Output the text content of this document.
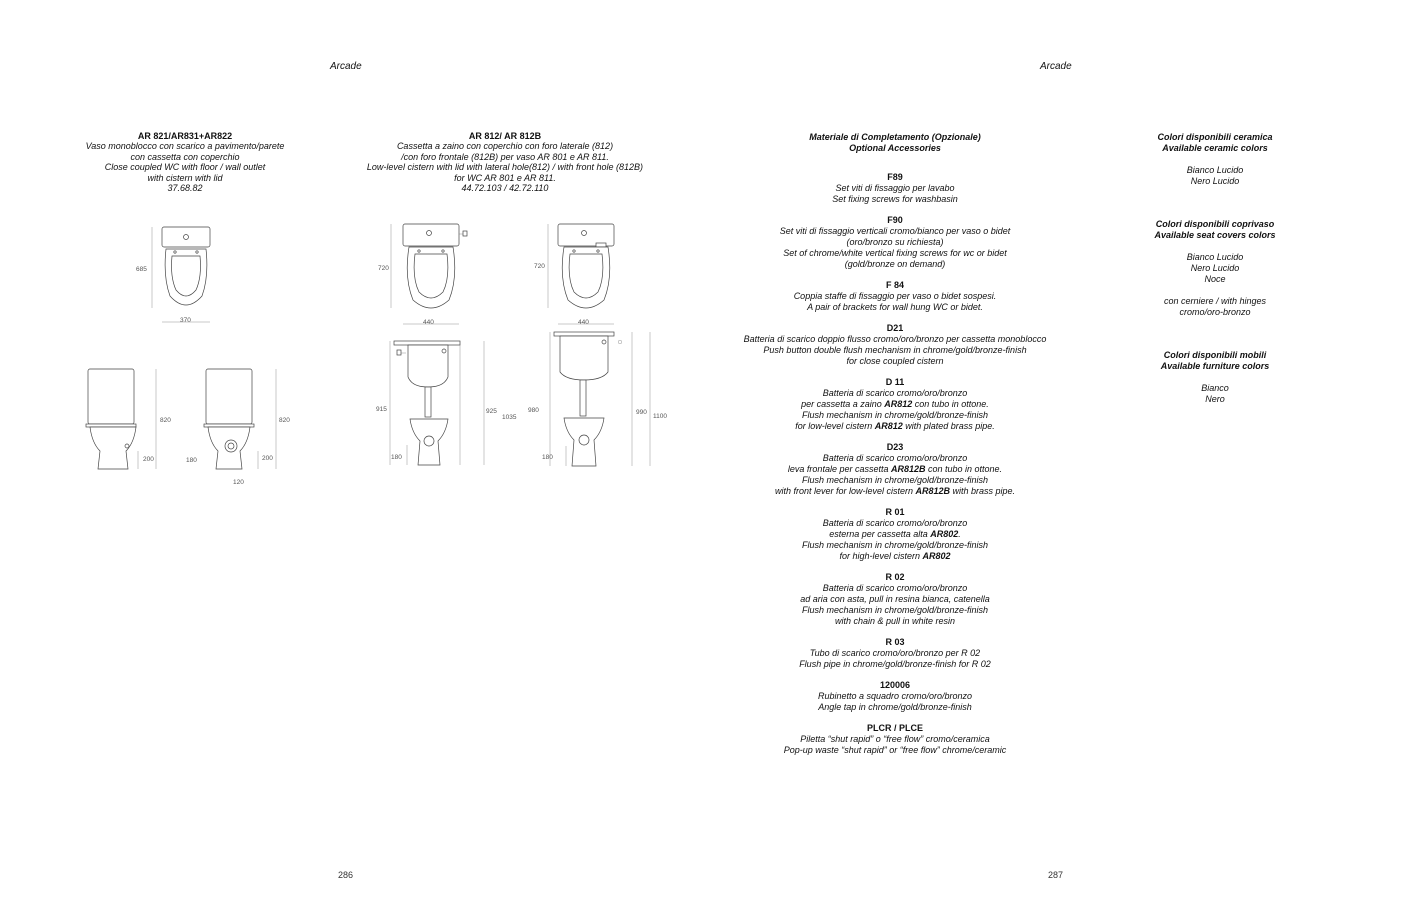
Arcade
AR 821/AR831+AR822
Vaso monoblocco con scarico a pavimento/parete
con cassetta con coperchio
Close coupled WC with floor / wall outlet
with cistern with lid
37.68.82
AR 812/ AR 812B
Cassetta a zaino con coperchio con foro laterale (812)
/con foro frontale (812B) per vaso AR 801 e AR 811.
Low-level cistern with lid with lateral hole(812) / with front hole (812B)
for WC AR 801 e AR 811.
44.72.103 / 42.72.110
685
370
720
440
720
440
820
200
820
200
180
120
915	925
1035
180
980	990
1100
180
286
Arcade
Materiale di Completamento (Opzionale)
Optional Accessories
F89
Set viti di fissaggio per lavabo
Set fixing screws for washbasin
F90
Set viti di fissaggio verticali cromo/bianco per vaso o bidet
(oro/bronzo su richiesta)
Set of chrome/white vertical fixing screws for wc or bidet
(gold/bronze on demand)
F 84
Coppia staffe di fissaggio per vaso o bidet sospesi.
A pair of brackets for wall hung WC or bidet.
D21
Batteria di scarico doppio flusso cromo/oro/bronzo per cassetta monoblocco
Push button double flush mechanism in chrome/gold/bronze-finish
for close coupled cistern
D 11
Batteria di scarico cromo/oro/bronzo
per cassetta a zaino AR812 con tubo in ottone.
Flush mechanism in chrome/gold/bronze-finish
for low-level cistern AR812 with plated brass pipe.
D23
Batteria di scarico cromo/oro/bronzo
leva frontale per cassetta AR812B con tubo in ottone.
Flush mechanism in chrome/gold/bronze-finish
with front lever for low-level cistern AR812B with brass pipe.
R 01
Batteria di scarico cromo/oro/bronzo
esterna per cassetta alta AR802.
Flush mechanism in chrome/gold/bronze-finish
for high-level cistern AR802
R 02
Batteria di scarico cromo/oro/bronzo
ad aria con asta, pull in resina bianca, catenella
Flush mechanism in chrome/gold/bronze-finish
with chain & pull in white resin
R 03
Tubo di scarico cromo/oro/bronzo per R 02
Flush pipe in chrome/gold/bronze-finish for R 02
120006
Rubinetto a squadro cromo/oro/bronzo
Angle tap in chrome/gold/bronze-finish
PLCR / PLCE
Piletta “shut rapid” o “free flow” cromo/ceramica
Pop-up waste “shut rapid” or “free flow” chrome/ceramic
Colori disponibili ceramica
Available ceramic colors
Bianco Lucido
Nero Lucido
Colori disponibili coprivaso
Available seat covers colors
Bianco Lucido
Nero Lucido
Noce
con cerniere / with hinges
cromo/oro-bronzo
Colori disponibili mobili
Available furniture colors
Bianco
Nero
287
